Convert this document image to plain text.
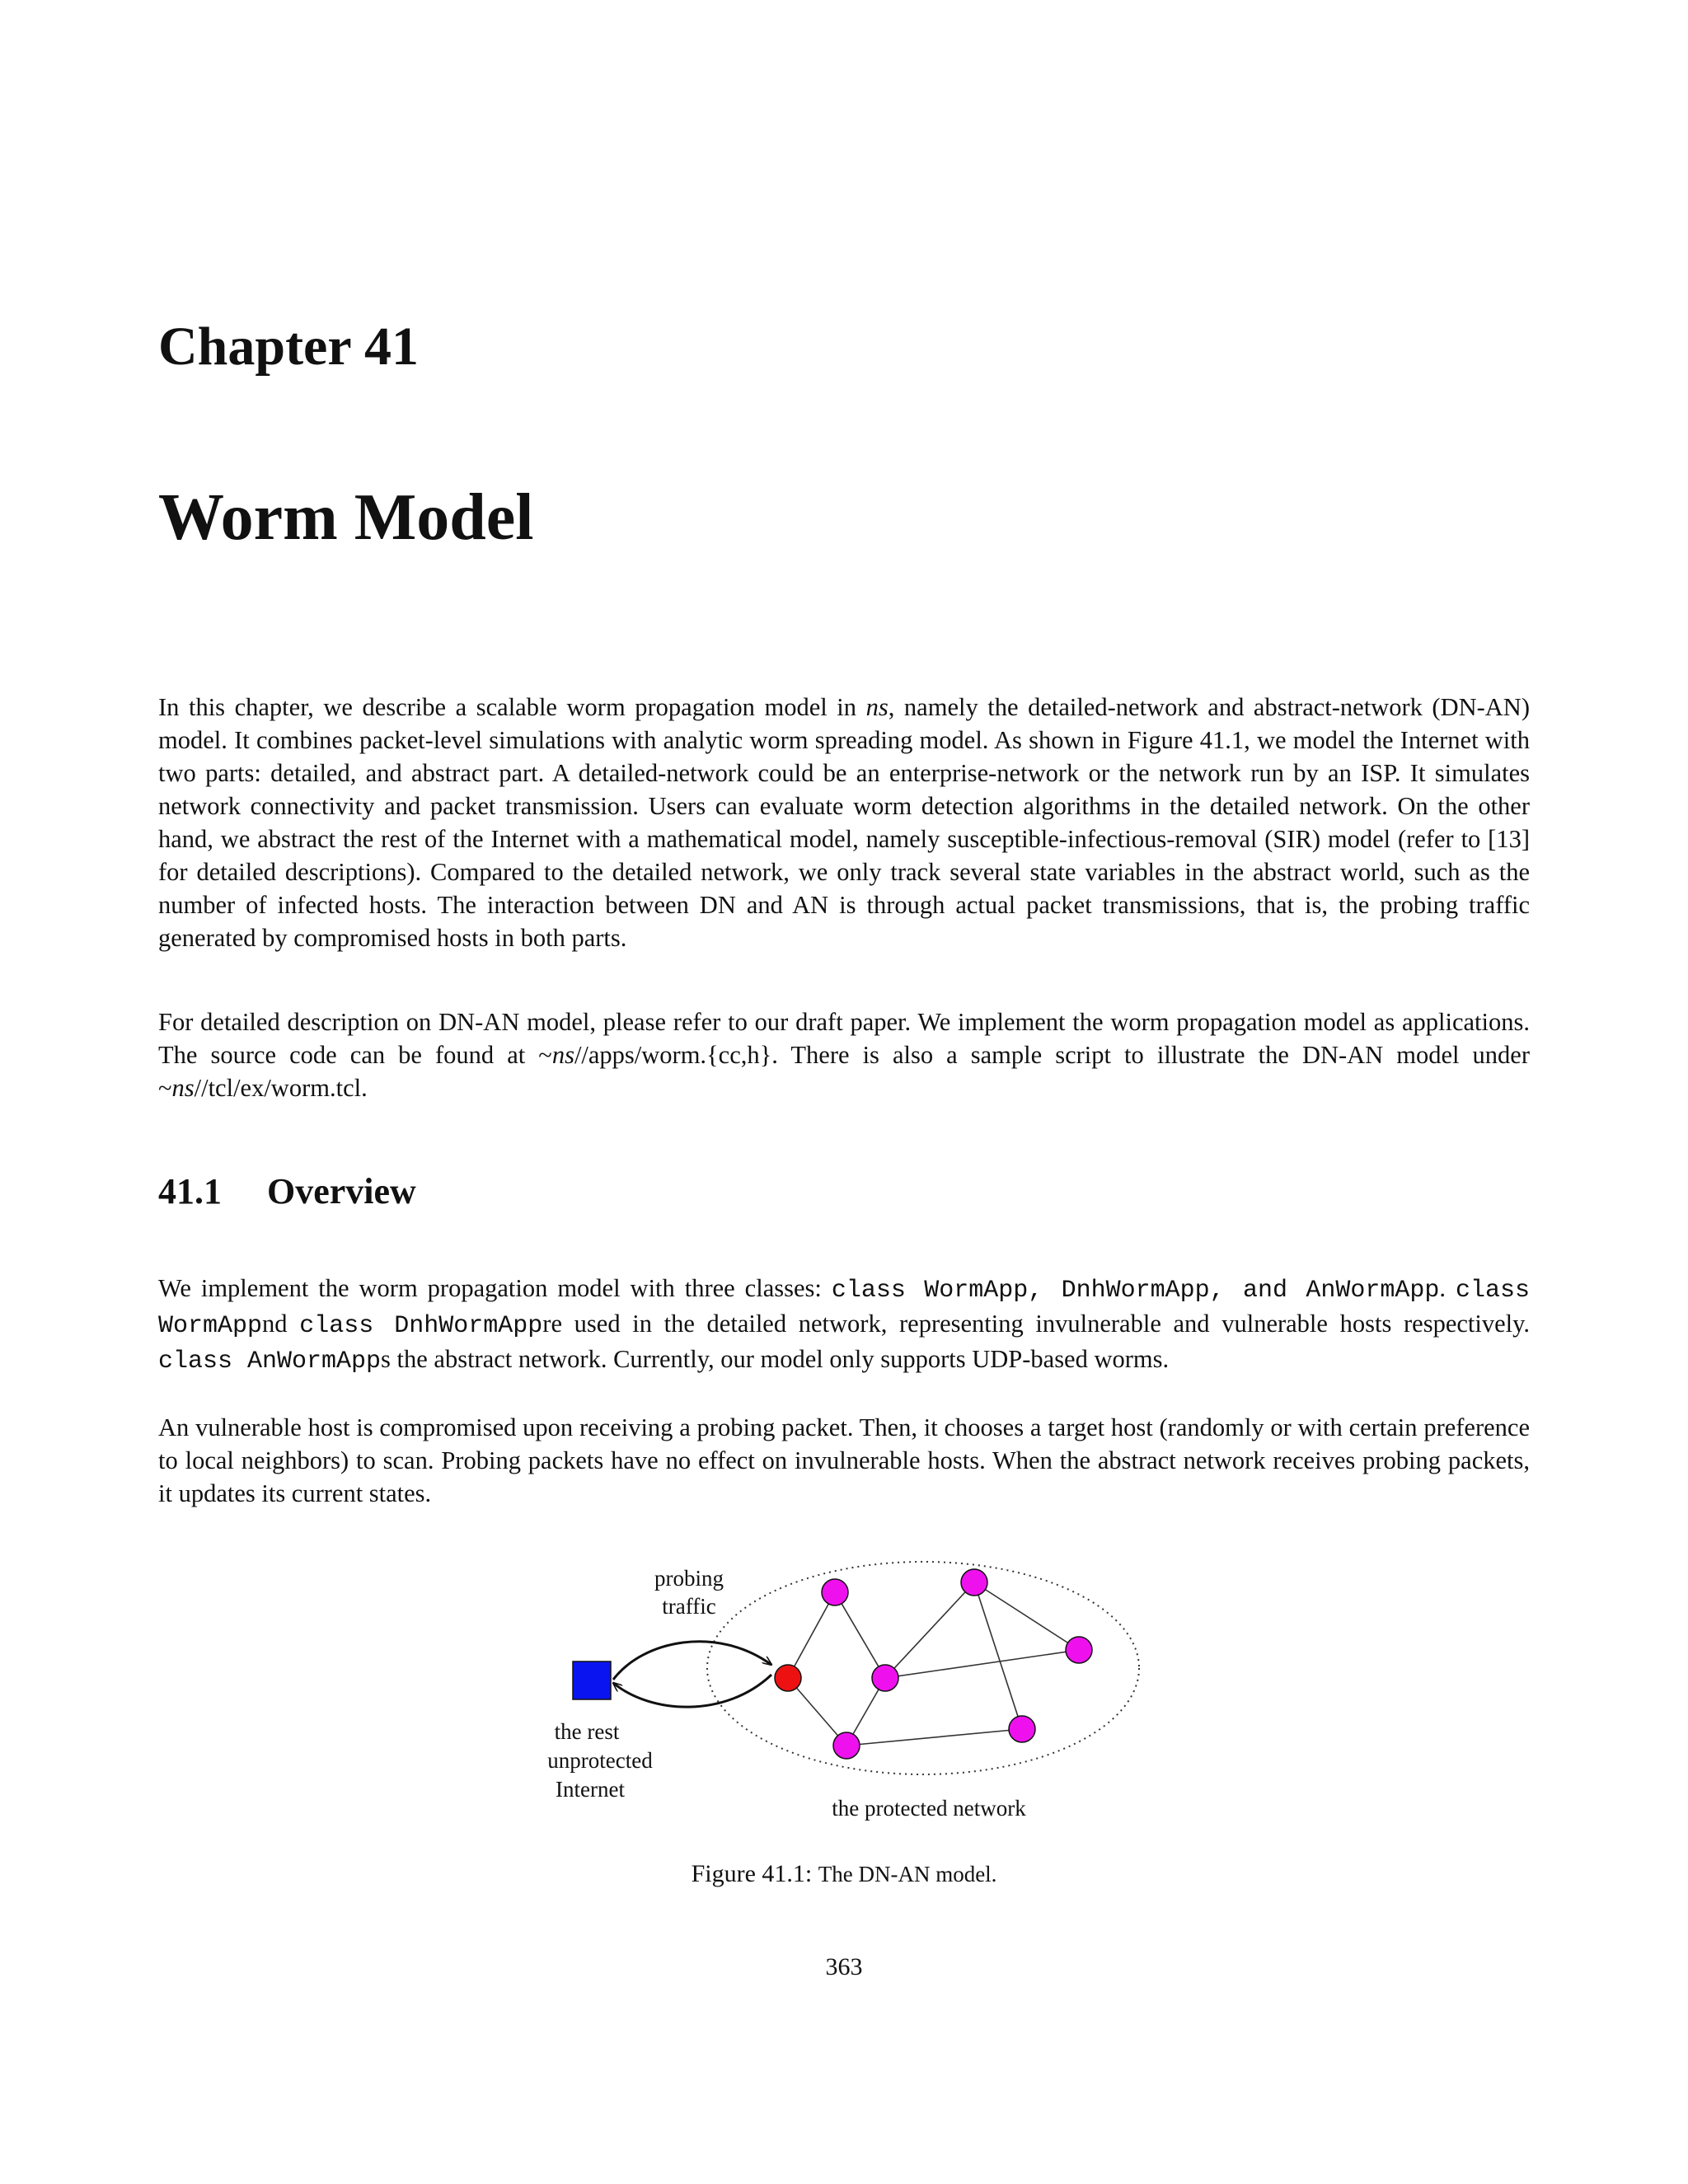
Chapter 41
Worm Model

In this chapter, we describe a scalable worm propagation model in ns, namely the detailed-network and abstract-network (DN-AN) model. It combines packet-level simulations with analytic worm spreading model. As shown in Figure 41.1, we model the Internet with two parts: detailed, and abstract part. A detailed-network could be an enterprise-network or the network run by an ISP. It simulates network connectivity and packet transmission. Users can evaluate worm detection algorithms in the detailed network. On the other hand, we abstract the rest of the Internet with a mathematical model, namely susceptible-infectious-removal (SIR) model (refer to [13] for detailed descriptions). Compared to the detailed network, we only track several state variables in the abstract world, such as the number of infected hosts. The interaction between DN and AN is through actual packet transmissions, that is, the probing traffic generated by compromised hosts in both parts.

For detailed description on DN-AN model, please refer to our draft paper. We implement the worm propagation model as applications. The source code can be found at ~ns//apps/worm.{cc,h}. There is also a sample script to illustrate the DN-AN model under ~ns//tcl/ex/worm.tcl.

41.1 Overview

We implement the worm propagation model with three classes: class WormApp, DnhWormApp, and AnWormApp. class WormAppnd class DnhWormAppre used in the detailed network, representing invulnerable and vulnerable hosts respectively. class AnWormApps the abstract network. Currently, our model only supports UDP-based worms.

An vulnerable host is compromised upon receiving a probing packet. Then, it chooses a target host (randomly or with certain preference to local neighbors) to scan. Probing packets have no effect on invulnerable hosts. When the abstract network receives probing packets, it updates its current states.

probing
traffic
the rest
unprotected
Internet
the protected network

Figure 41.1: The DN-AN model.

363
